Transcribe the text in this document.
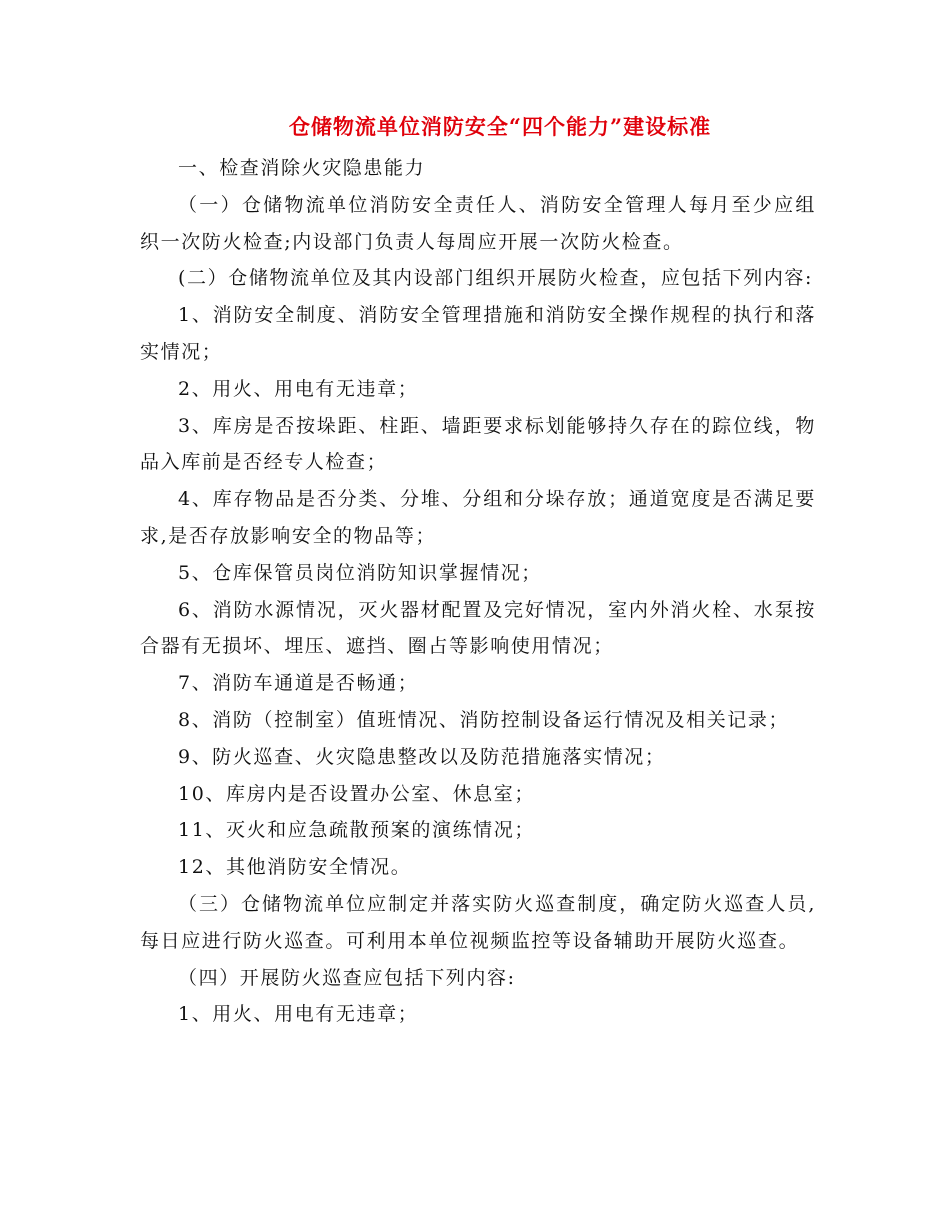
仓储物流单位消防安全“四个能力”建设标准

一、检查消除火灾隐患能力

（一）仓储物流单位消防安全责任人、消防安全管理人每月至少应组织一次防火检查;内设部门负责人每周应开展一次防火检查。

(二）仓储物流单位及其内设部门组织开展防火检查，应包括下列内容:

1、消防安全制度、消防安全管理措施和消防安全操作规程的执行和落实情况；

2、用火、用电有无违章；

3、库房是否按垛距、柱距、墙距要求标划能够持久存在的踪位线，物品入库前是否经专人检查；

4、库存物品是否分类、分堆、分组和分垛存放；通道宽度是否满足要求,是否存放影响安全的物品等；

5、仓库保管员岗位消防知识掌握情况；

6、消防水源情况，灭火器材配置及完好情况，室内外消火栓、水泵按合器有无损坏、埋压、遮挡、圈占等影响使用情况；

7、消防车通道是否畅通；

8、消防（控制室）值班情况、消防控制设备运行情况及相关记录；

9、防火巡查、火灾隐患整改以及防范措施落实情况；

10、库房内是否设置办公室、休息室；

11、灭火和应急疏散预案的演练情况；

12、其他消防安全情况。

（三）仓储物流单位应制定并落实防火巡查制度，确定防火巡查人员,每日应进行防火巡查。可利用本单位视频监控等设备辅助开展防火巡查。

（四）开展防火巡查应包括下列内容:

1、用火、用电有无违章；
